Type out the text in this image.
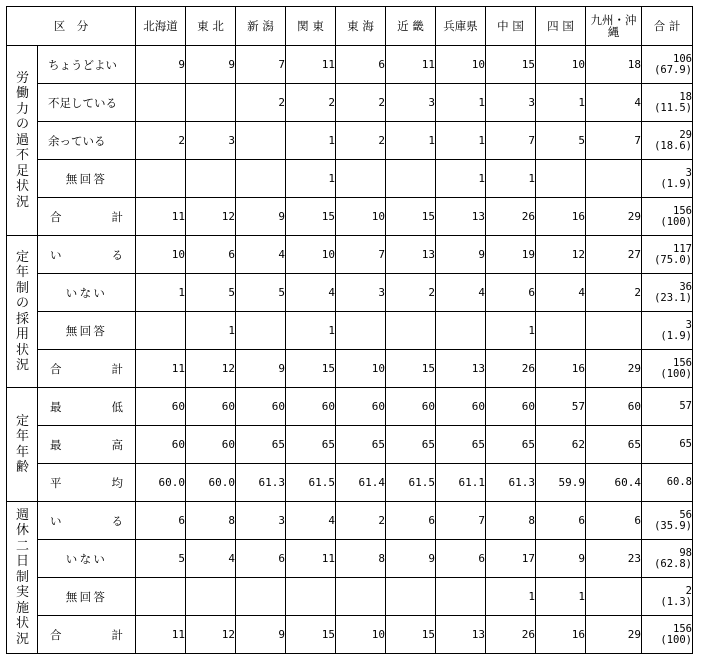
区　分		北海道	東 北	新 潟	関 東	東 海	近 畿	兵庫県	中 国	四 国	九州・沖縄	合 計

労働力の過不足状況	ちょうどよい	9	9	7	11	6	11	10	15	10	18	106
(67.9)

	不足している			2	2	2	3	1	3	1	4	18
(11.5)

	余っている	2	3		1	2	1	1	7	5	7	29
(18.6)

	無回答				1			1	1			3
(1.9)

	合計	11	12	9	15	10	15	13	26	16	29	156
(100)

定年制の採用状況	いる	10	6	4	10	7	13	9	19	12	27	117
(75.0)

	いない	1	5	5	4	3	2	4	6	4	2	36
(23.1)

	無回答		1		1				1			3
(1.9)

	合計	11	12	9	15	10	15	13	26	16	29	156
(100)

定年年齢	最低	60	60	60	60	60	60	60	60	57	60	57

	最高	60	60	65	65	65	65	65	65	62	65	65

	平均	60.0	60.0	61.3	61.5	61.4	61.5	61.1	61.3	59.9	60.4	60.8

週休二日制実施状況	いる	6	8	3	4	2	6	7	8	6	6	56
(35.9)

	いない	5	4	6	11	8	9	6	17	9	23	98
(62.8)

	無回答								1	1		2
(1.3)

	合計	11	12	9	15	10	15	13	26	16	29	156
(100)
